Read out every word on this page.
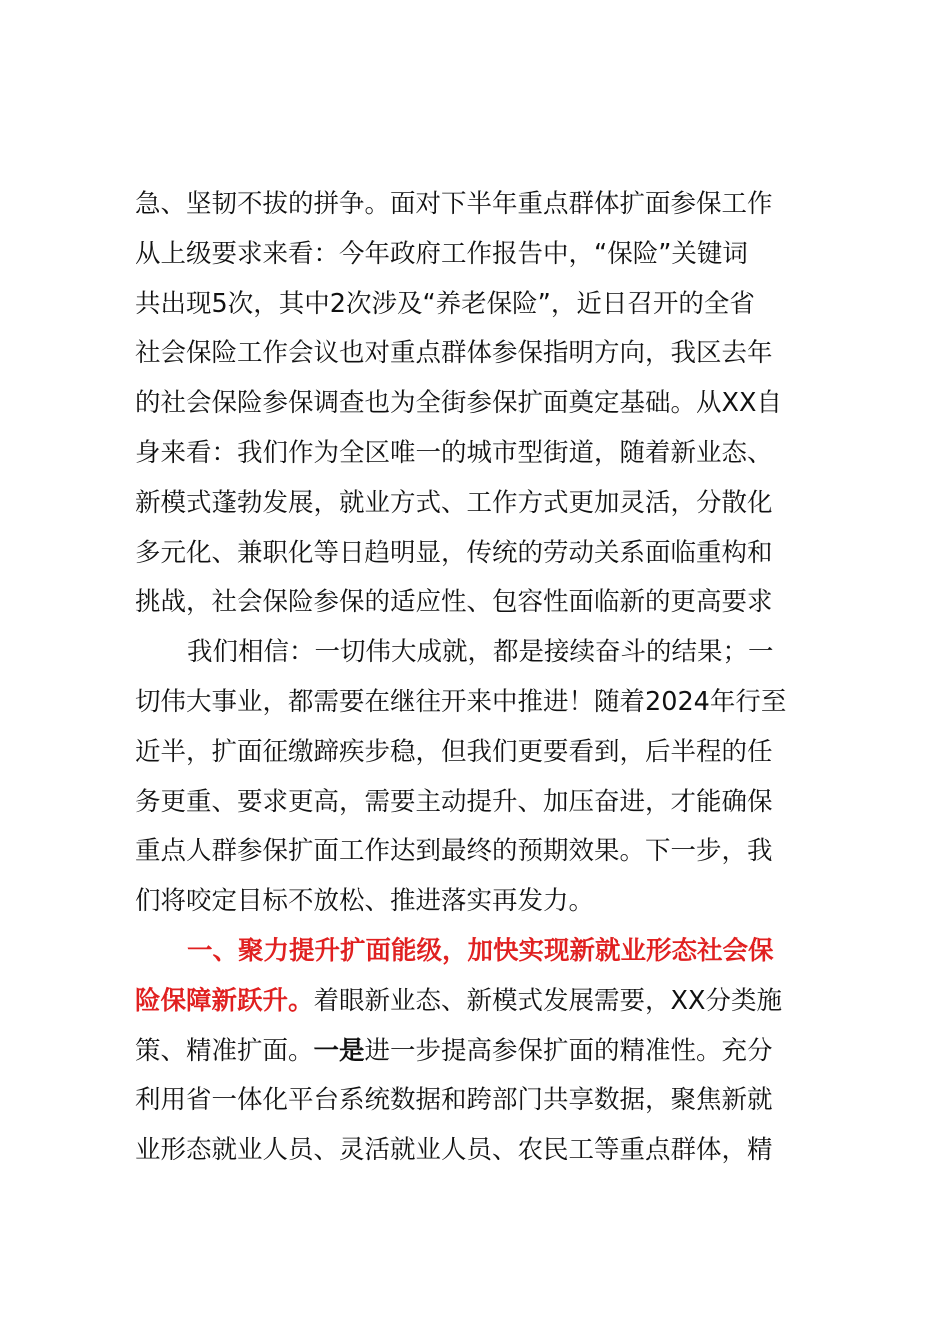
急、坚韧不拔的拼争。面对下半年重点群体扩面参保工作
从上级要求来看：今年政府工作报告中，“保险”关键词
共出现5次，其中2次涉及“养老保险”，近日召开的全省
社会保险工作会议也对重点群体参保指明方向，我区去年
的社会保险参保调查也为全街参保扩面奠定基础。从XX自
身来看：我们作为全区唯一的城市型街道，随着新业态、
新模式蓬勃发展，就业方式、工作方式更加灵活，分散化
多元化、兼职化等日趋明显，传统的劳动关系面临重构和
挑战，社会保险参保的适应性、包容性面临新的更高要求
我们相信：一切伟大成就，都是接续奋斗的结果；一
切伟大事业，都需要在继往开来中推进！随着2024年行至
近半，扩面征缴蹄疾步稳，但我们更要看到，后半程的任
务更重、要求更高，需要主动提升、加压奋进，才能确保
重点人群参保扩面工作达到最终的预期效果。下一步，我
们将咬定目标不放松、推进落实再发力。
一、聚力提升扩面能级，加快实现新就业形态社会保
险保障新跃升。着眼新业态、新模式发展需要，XX分类施
策、精准扩面。一是进一步提高参保扩面的精准性。充分
利用省一体化平台系统数据和跨部门共享数据，聚焦新就
业形态就业人员、灵活就业人员、农民工等重点群体，精
